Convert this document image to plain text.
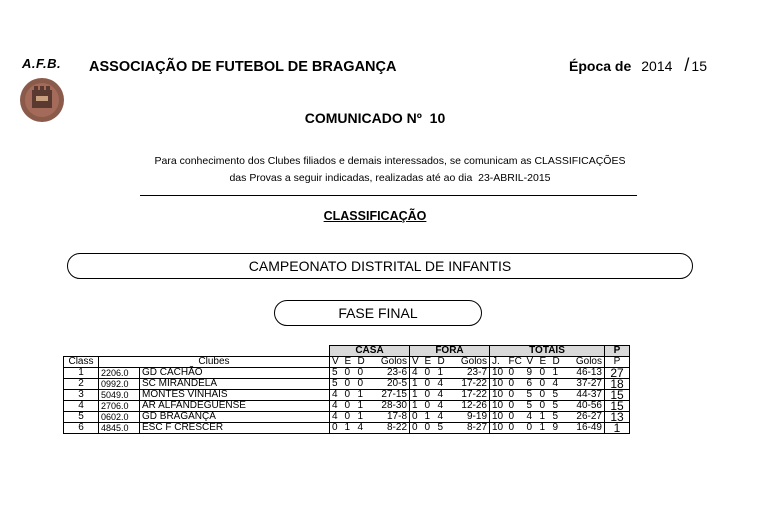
A.F.B. ASSOCIAÇÃO DE FUTEBOL DE BRAGANÇA	Época de 2014 / 15
COMUNICADO Nº 10
Para conhecimento dos Clubes filiados e demais interessados, se comunicam as CLASSIFICAÇÕES
das Provas a seguir indicadas, realizadas até ao dia 23-ABRIL-2015
CLASSIFICAÇÃO
CAMPEONATO DISTRITAL DE INFANTIS
FASE FINAL
			CASA				FORA				TOTAIS						P
Class	Clubes		V	E	D	Golos	V	E	D	Golos	J.	FC	V	E	D	Golos	P
1	2206.0	GD CACHÃO	5	0	0	23-6	4	0	1	23-7	10	0	9	0	1	46-13	27
2	0992.0	SC MIRANDELA	5	0	0	20-5	1	0	4	17-22	10	0	6	0	4	37-27	18
3	5049.0	MONTES VINHAIS	4	0	1	27-15	1	0	4	17-22	10	0	5	0	5	44-37	15
4	2706.0	AR ALFANDEGUENSE	4	0	1	28-30	1	0	4	12-26	10	0	5	0	5	40-56	15
5	0602.0	GD BRAGANÇA	4	0	1	17-8	0	1	4	9-19	10	0	4	1	5	26-27	13
6	4845.0	ESC F CRESCER	0	1	4	8-22	0	0	5	8-27	10	0	0	1	9	16-49	1
